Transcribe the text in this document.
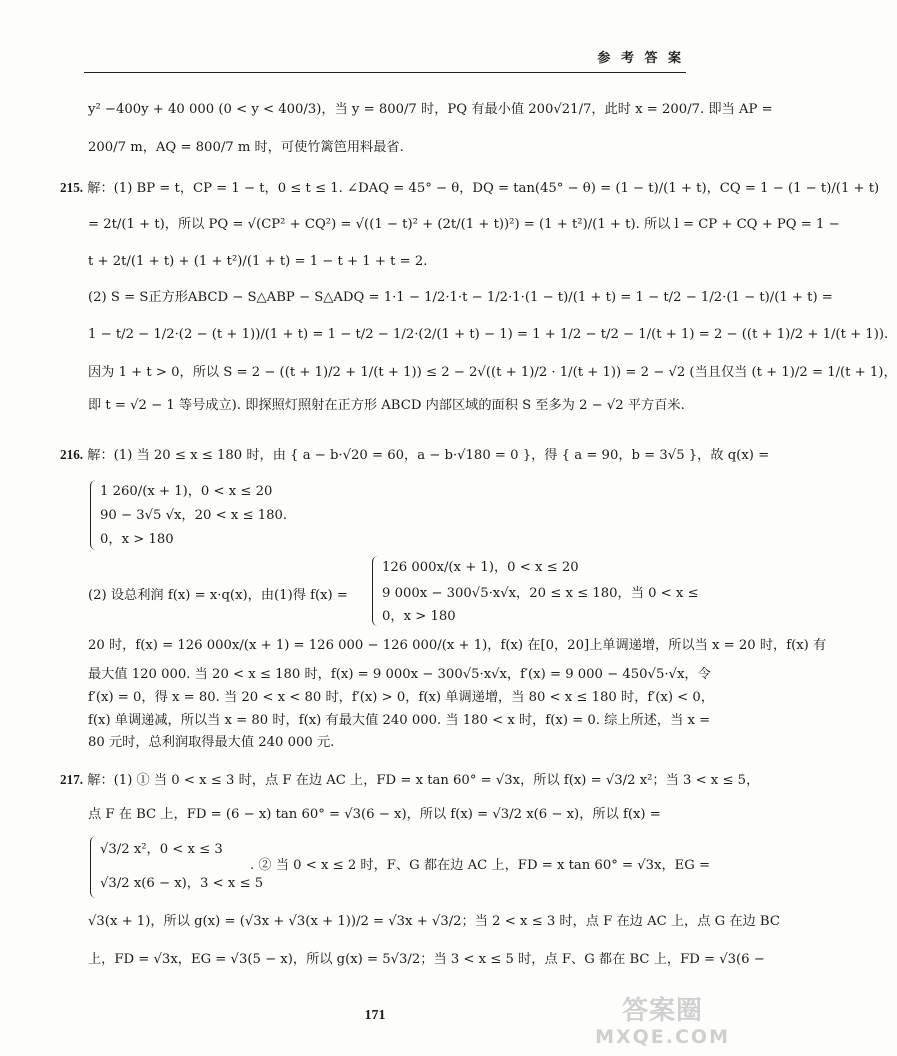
参 考 答 案
y² −400y + 40 000 (0 < y < 400/3)，当 y = 800/7 时，PQ 有最小值 200√21/7，此时 x = 200/7. 即当 AP =
200/7 m，AQ = 800/7 m 时，可使竹篱笆用料最省.
215. 解：(1) BP = t，CP = 1 − t，0 ≤ t ≤ 1. ∠DAQ = 45° − θ，DQ = tan(45° − θ) = (1 − t)/(1 + t)，CQ = 1 − (1 − t)/(1 + t)
= 2t/(1 + t)，所以 PQ = √(CP² + CQ²) = √((1 − t)² + (2t/(1 + t))²) = (1 + t²)/(1 + t). 所以 l = CP + CQ + PQ = 1 −
t + 2t/(1 + t) + (1 + t²)/(1 + t) = 1 − t + 1 + t = 2.
(2) S = S正方形ABCD − S△ABP − S△ADQ = 1·1 − 1/2·1·t − 1/2·1·(1 − t)/(1 + t) = 1 − t/2 − 1/2·(1 − t)/(1 + t) =
1 − t/2 − 1/2·(2 − (t + 1))/(1 + t) = 1 − t/2 − 1/2·(2/(1 + t) − 1) = 1 + 1/2 − t/2 − 1/(t + 1) = 2 − ((t + 1)/2 + 1/(t + 1)).
因为 1 + t > 0，所以 S = 2 − ((t + 1)/2 + 1/(t + 1)) ≤ 2 − 2√((t + 1)/2 · 1/(t + 1)) = 2 − √2 (当且仅当 (t + 1)/2 = 1/(t + 1)，
即 t = √2 − 1 等号成立). 即探照灯照射在正方形 ABCD 内部区域的面积 S 至多为 2 − √2 平方百米.
216. 解：(1) 当 20 ≤ x ≤ 180 时，由 { a − b·√20 = 60，a − b·√180 = 0 }，得 { a = 90，b = 3√5 }，故 q(x) =
1 260/(x + 1)，0 < x ≤ 20
90 − 3√5 √x，20 < x ≤ 180.
0，x > 180
(2) 设总利润 f(x) = x·q(x)，由(1)得 f(x) =
126 000x/(x + 1)，0 < x ≤ 20
9 000x − 300√5·x√x，20 ≤ x ≤ 180，当 0 < x ≤
0，x > 180
20 时，f(x) = 126 000x/(x + 1) = 126 000 − 126 000/(x + 1)，f(x) 在[0，20]上单调递增，所以当 x = 20 时，f(x) 有
最大值 120 000. 当 20 < x ≤ 180 时，f(x) = 9 000x − 300√5·x√x，f′(x) = 9 000 − 450√5·√x，令
f′(x) = 0，得 x = 80. 当 20 < x < 80 时，f′(x) > 0，f(x) 单调递增，当 80 < x ≤ 180 时，f′(x) < 0，
f(x) 单调递减，所以当 x = 80 时，f(x) 有最大值 240 000. 当 180 < x 时，f(x) = 0. 综上所述，当 x =
80 元时，总利润取得最大值 240 000 元.
217. 解：(1) ① 当 0 < x ≤ 3 时，点 F 在边 AC 上，FD = x tan 60° = √3x，所以 f(x) = √3/2 x²；当 3 < x ≤ 5，
点 F 在 BC 上，FD = (6 − x) tan 60° = √3(6 − x)，所以 f(x) = √3/2 x(6 − x)，所以 f(x) =
√3/2 x²，0 < x ≤ 3
. ② 当 0 < x ≤ 2 时，F、G 都在边 AC 上，FD = x tan 60° = √3x，EG =
√3/2 x(6 − x)，3 < x ≤ 5
√3(x + 1)，所以 g(x) = (√3x + √3(x + 1))/2 = √3x + √3/2；当 2 < x ≤ 3 时，点 F 在边 AC 上，点 G 在边 BC
上，FD = √3x，EG = √3(5 − x)，所以 g(x) = 5√3/2；当 3 < x ≤ 5 时，点 F、G 都在 BC 上，FD = √3(6 −
171	答案圈
MXQE.COM
